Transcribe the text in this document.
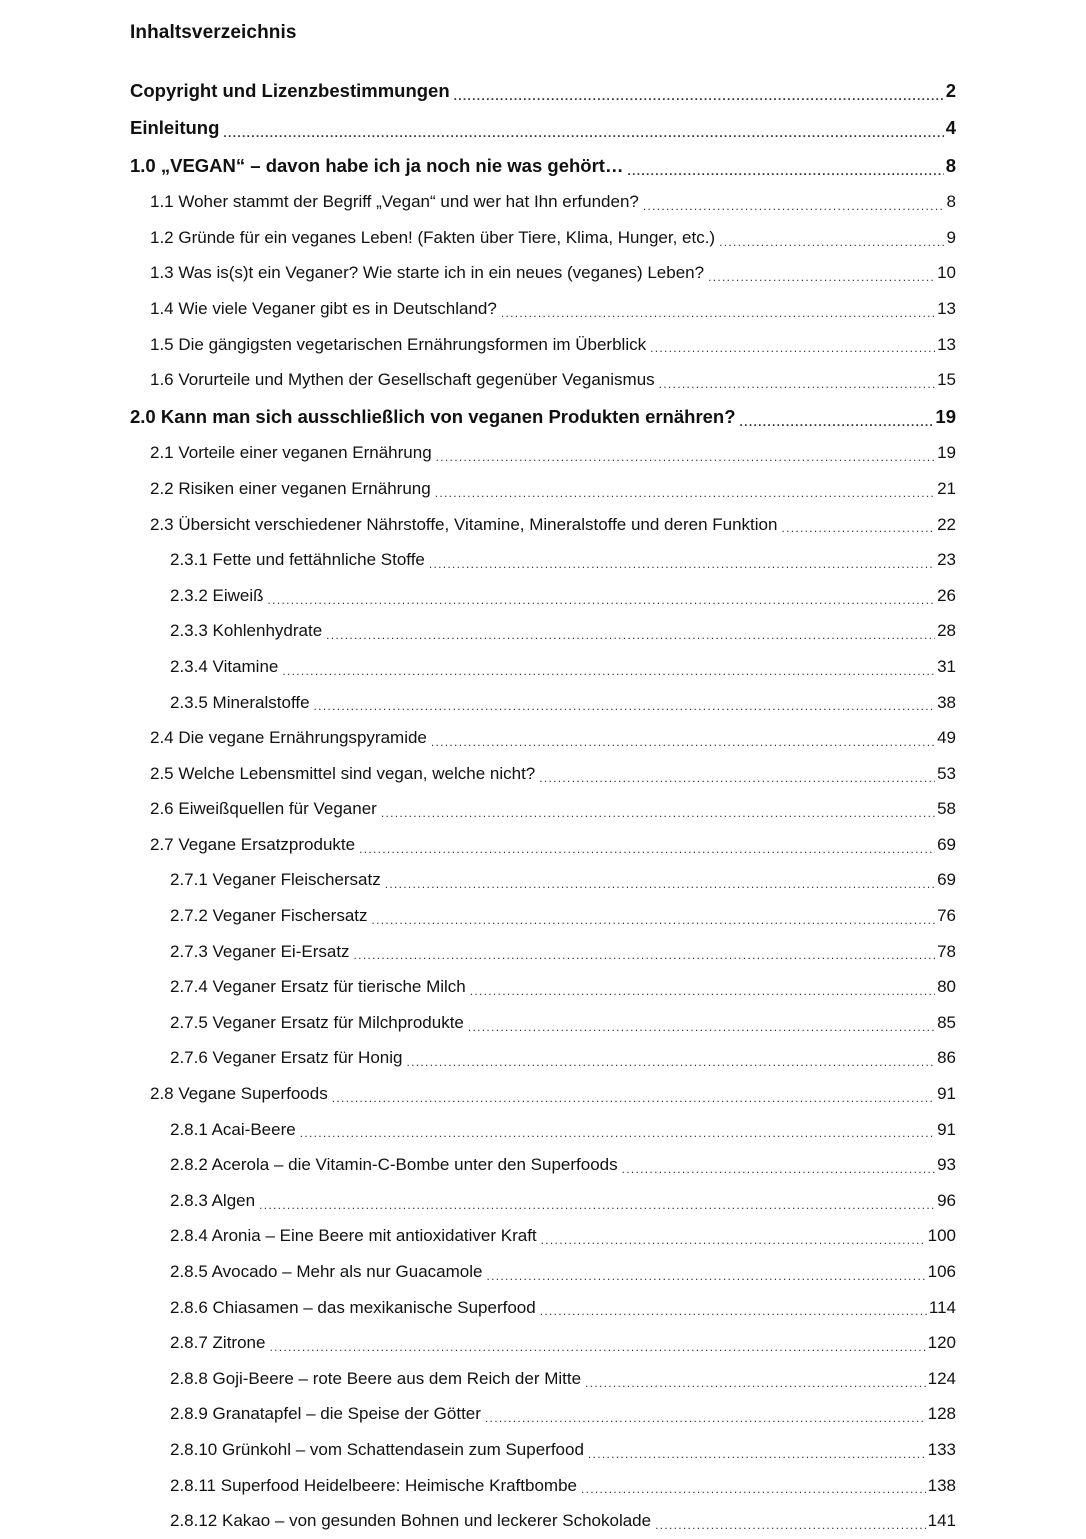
Inhaltsverzeichnis
Copyright und Lizenzbestimmungen .....	2
Einleitung .....	4
1.0 „VEGAN“ – davon habe ich ja noch nie was gehört… .....	8
1.1 Woher stammt der Begriff „Vegan“ und wer hat Ihn erfunden? .....	8
1.2 Gründe für ein veganes Leben! (Fakten über Tiere, Klima, Hunger, etc.) .....	9
1.3 Was is(s)t ein Veganer? Wie starte ich in ein neues (veganes) Leben? .....	10
1.4 Wie viele Veganer gibt es in Deutschland? .....	13
1.5 Die gängigsten vegetarischen Ernährungsformen im Überblick .....	13
1.6 Vorurteile und Mythen der Gesellschaft gegenüber Veganismus .....	15
2.0 Kann man sich ausschließlich von veganen Produkten ernähren? .....	19
2.1 Vorteile einer veganen Ernährung .....	19
2.2 Risiken einer veganen Ernährung .....	21
2.3 Übersicht verschiedener Nährstoffe, Vitamine, Mineralstoffe und deren Funktion .....	22
2.3.1 Fette und fettähnliche Stoffe .....	23
2.3.2 Eiweiß .....	26
2.3.3 Kohlenhydrate .....	28
2.3.4 Vitamine .....	31
2.3.5 Mineralstoffe .....	38
2.4 Die vegane Ernährungspyramide .....	49
2.5 Welche Lebensmittel sind vegan, welche nicht? .....	53
2.6 Eiweißquellen für Veganer .....	58
2.7 Vegane Ersatzprodukte .....	69
2.7.1 Veganer Fleischersatz .....	69
2.7.2 Veganer Fischersatz .....	76
2.7.3 Veganer Ei-Ersatz .....	78
2.7.4 Veganer Ersatz für tierische Milch .....	80
2.7.5 Veganer Ersatz für Milchprodukte .....	85
2.7.6 Veganer Ersatz für Honig .....	86
2.8 Vegane Superfoods .....	91
2.8.1 Acai-Beere .....	91
2.8.2 Acerola – die Vitamin-C-Bombe unter den Superfoods .....	93
2.8.3 Algen .....	96
2.8.4 Aronia – Eine Beere mit antioxidativer Kraft .....	100
2.8.5 Avocado – Mehr als nur Guacamole .....	106
2.8.6 Chiasamen – das mexikanische Superfood .....	114
2.8.7 Zitrone .....	120
2.8.8 Goji-Beere – rote Beere aus dem Reich der Mitte .....	124
2.8.9 Granatapfel – die Speise der Götter .....	128
2.8.10 Grünkohl – vom Schattendasein zum Superfood .....	133
2.8.11 Superfood Heidelbeere: Heimische Kraftbombe .....	138
2.8.12 Kakao – von gesunden Bohnen und leckerer Schokolade .....	141
